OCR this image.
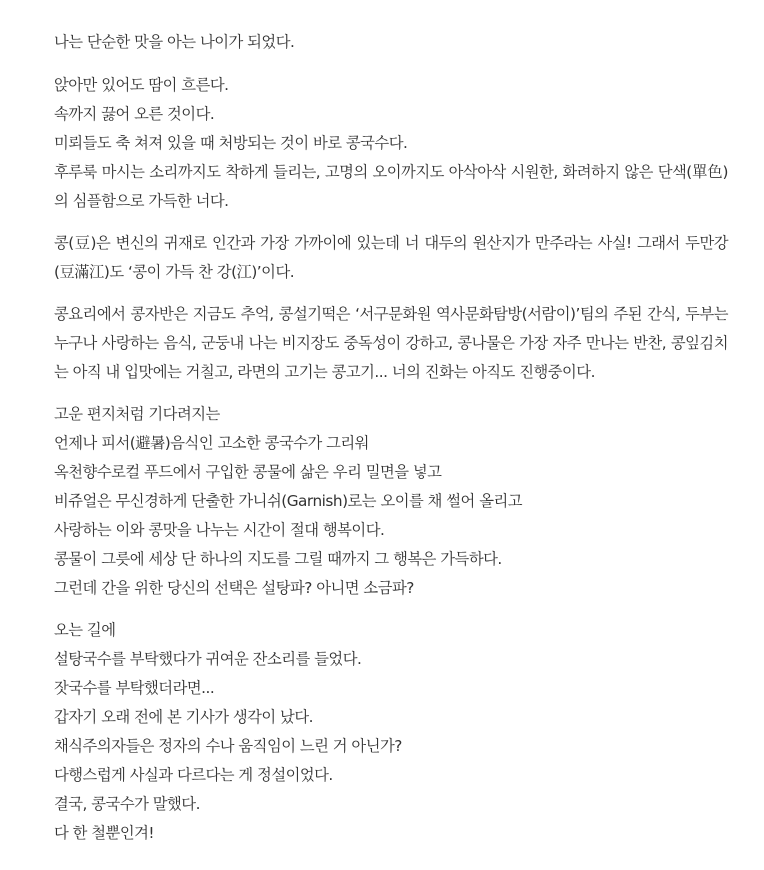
나는 단순한 맛을 아는 나이가 되었다.

앉아만 있어도 땀이 흐른다.
속까지 끓어 오른 것이다.
미뢰들도 축 쳐져 있을 때 처방되는 것이 바로 콩국수다.
후루룩 마시는 소리까지도 착하게 들리는, 고명의 오이까지도 아삭아삭 시원한, 화려하지 않은 단색(單色)의 심플함으로 가득한 너다.

콩(豆)은 변신의 귀재로 인간과 가장 가까이에 있는데 너 대두의 원산지가 만주라는 사실! 그래서 두만강(豆滿江)도 ‘콩이 가득 찬 강(江)’이다.

콩요리에서 콩자반은 지금도 추억, 콩설기떡은 ‘서구문화원 역사문화탐방(서람이)’팀의 주된 간식, 두부는 누구나 사랑하는 음식, 군둥내 나는 비지장도 중독성이 강하고, 콩나물은 가장 자주 만나는 반찬, 콩잎김치는 아직 내 입맛에는 거칠고, 라면의 고기는 콩고기... 너의 진화는 아직도 진행중이다.

고운 편지처럼 기다려지는
언제나 피서(避暑)음식인 고소한 콩국수가 그리워
옥천향수로컬 푸드에서 구입한 콩물에 삶은 우리 밀면을 넣고
비쥬얼은 무신경하게 단출한 가니쉬(Garnish)로는 오이를 채 썰어 올리고
사랑하는 이와 콩맛을 나누는 시간이 절대 행복이다.
콩물이 그릇에 세상 단 하나의 지도를 그릴 때까지 그 행복은 가득하다.
그런데 간을 위한 당신의 선택은 설탕파? 아니면 소금파?
오는 길에
설탕국수를 부탁했다가 귀여운 잔소리를 들었다.
잣국수를 부탁했더라면...
갑자기 오래 전에 본 기사가 생각이 났다.
채식주의자들은 정자의 수나 움직임이 느린 거 아닌가?
다행스럽게 사실과 다르다는 게 정설이었다.
결국, 콩국수가 말했다.
다 한 철뿐인겨!
